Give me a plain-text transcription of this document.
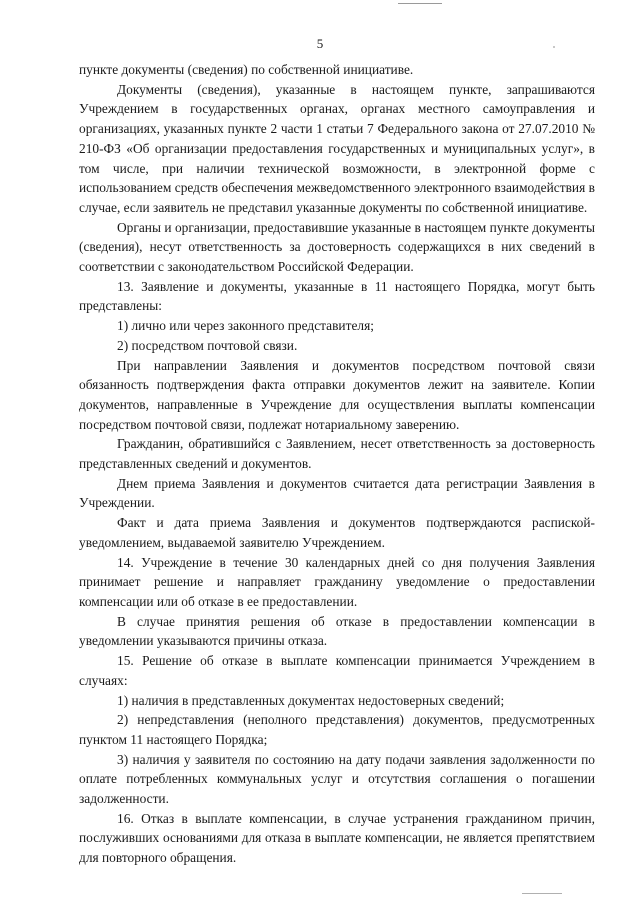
5

пункте документы (сведения) по собственной инициативе.

Документы (сведения), указанные в настоящем пункте, запрашиваются Учреждением в государственных органах, органах местного самоуправления и организациях, указанных пункте 2 части 1 статьи 7 Федерального закона от 27.07.2010 № 210-ФЗ «Об организации предоставления государственных и муниципальных услуг», в том числе, при наличии технической возможности, в электронной форме с использованием средств обеспечения межведомственного электронного взаимодействия в случае, если заявитель не представил указанные документы по собственной инициативе.

Органы и организации, предоставившие указанные в настоящем пункте документы (сведения), несут ответственность за достоверность содержащихся в них сведений в соответствии с законодательством Российской Федерации.

13. Заявление и документы, указанные в 11 настоящего Порядка, могут быть представлены:

1) лично или через законного представителя;

2) посредством почтовой связи.

При направлении Заявления и документов посредством почтовой связи обязанность подтверждения факта отправки документов лежит на заявителе. Копии документов, направленные в Учреждение для осуществления выплаты компенсации посредством почтовой связи, подлежат нотариальному заверению.

Гражданин, обратившийся с Заявлением, несет ответственность за достоверность представленных сведений и документов.

Днем приема Заявления и документов считается дата регистрации Заявления в Учреждении.

Факт и дата приема Заявления и документов подтверждаются распиской-уведомлением, выдаваемой заявителю Учреждением.

14. Учреждение в течение 30 календарных дней со дня получения Заявления принимает решение и направляет гражданину уведомление о предоставлении компенсации или об отказе в ее предоставлении.

В случае принятия решения об отказе в предоставлении компенсации в уведомлении указываются причины отказа.

15. Решение об отказе в выплате компенсации принимается Учреждением в случаях:

1) наличия в представленных документах недостоверных сведений;

2) непредставления (неполного представления) документов, предусмотренных пунктом 11 настоящего Порядка;

3) наличия у заявителя по состоянию на дату подачи заявления задолженности по оплате потребленных коммунальных услуг и отсутствия соглашения о погашении задолженности.

16. Отказ в выплате компенсации, в случае устранения гражданином причин, послуживших основаниями для отказа в выплате компенсации, не является препятствием для повторного обращения.
